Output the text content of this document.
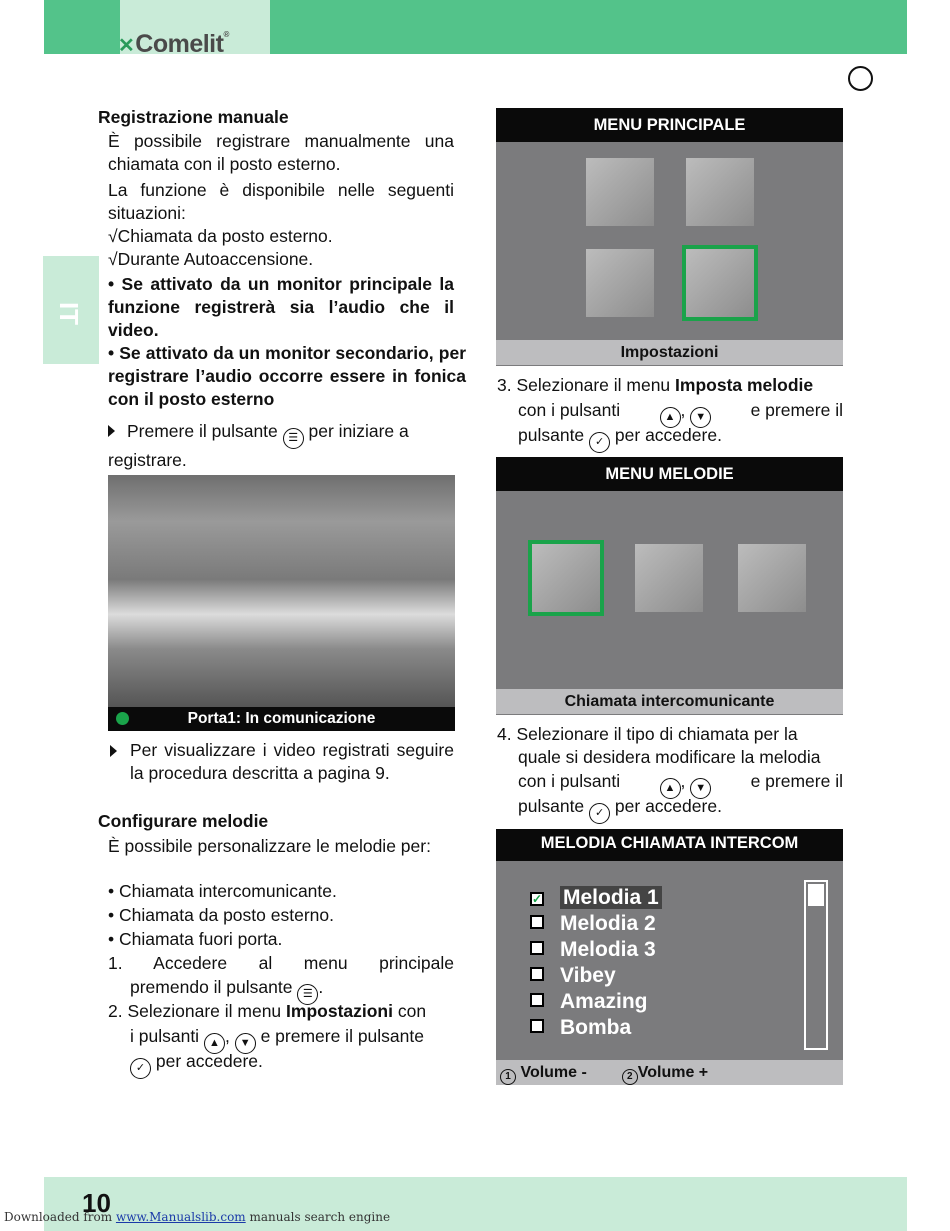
✕Comelit®
IT
Registrazione manuale
È possibile registrare manualmente una chiamata con il posto esterno.
La funzione è disponibile nelle seguenti situazioni:
√Chiamata da posto esterno.
√Durante Autoaccensione.
• Se attivato da un monitor principale la funzione registrerà sia l’audio che il video.
• Se attivato da un monitor secondario, per registrare l’audio occorre essere in fonica con il posto esterno
Premere il pulsante ☰ per iniziare a registrare.
Porta1: In comunicazione
Per visualizzare i video registrati seguire la procedura descritta a pagina 9.
Configurare melodie
È possibile personalizzare le melodie per:
• Chiamata intercomunicante.
• Chiamata da posto esterno.
• Chiamata fuori porta.
1. Accedere al menu principale
premendo il pulsante ☰ .
2. Selezionare il menu Impostazioni con
i pulsanti ▲ , ▼ e premere il pulsante
✓ per accedere.
MENU PRINCIPALE
Impostazioni
3. Selezionare il menu Imposta melodie
con i pulsanti	▲ , ▼	e premere il
pulsante ✓ per accedere.
MENU MELODIE
Chiamata intercomunicante
4. Selezionare il tipo di chiamata per la
quale si desidera modificare la melodia
con i pulsanti	▲ , ▼	e premere il
pulsante ✓ per accedere.
MELODIA CHIAMATA INTERCOM
✓ Melodia 1
Melodia 2
Melodia 3
Vibey
Amazing
Bomba
1 Volume -	2 Volume +
10
Downloaded from www.Manualslib.com manuals search engine
